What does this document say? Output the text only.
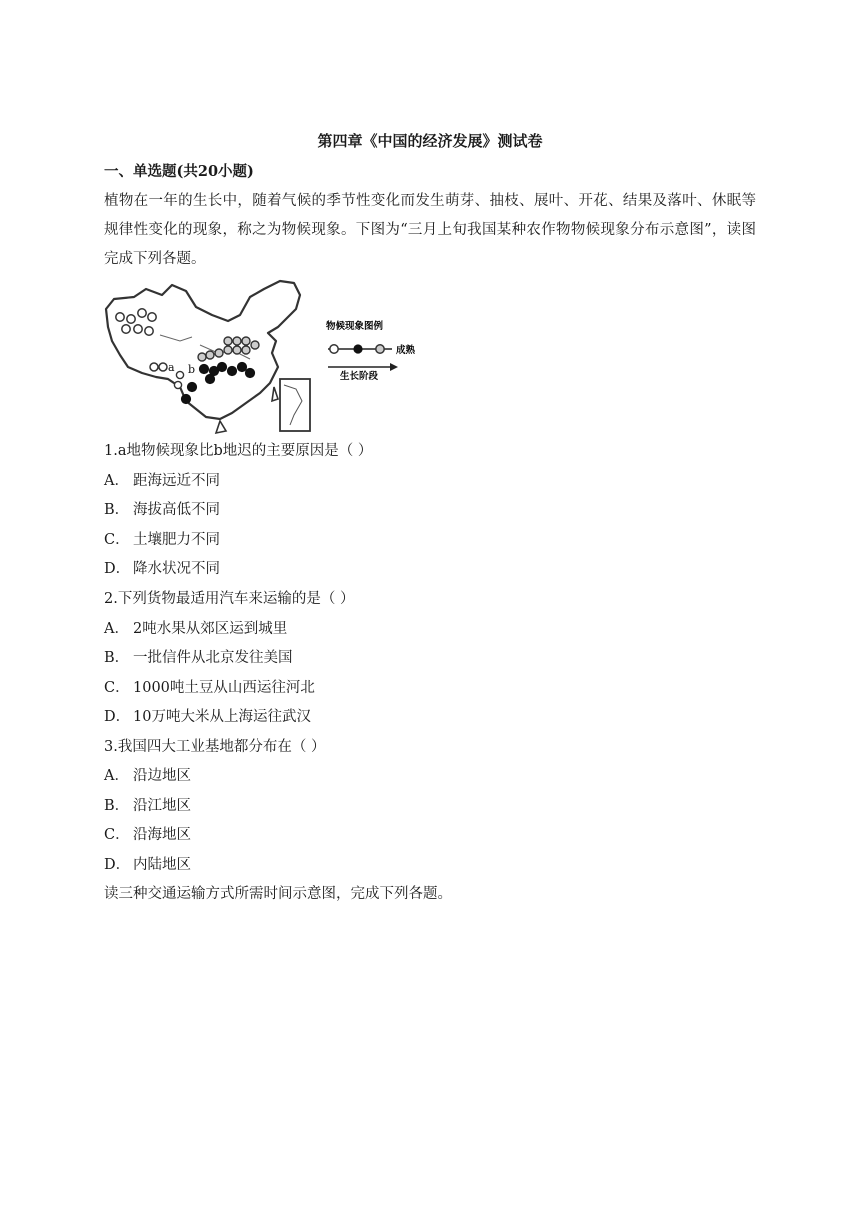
第四章《中国的经济发展》测试卷
一、单选题(共20小题)
植物在一年的生长中，随着气候的季节性变化而发生萌芽、抽枝、展叶、开花、结果及落叶、休眠等规律性变化的现象，称之为物候现象。下图为“三月上旬我国某种农作物物候现象分布示意图”，读图完成下列各题。
a b
物候现象图例
成熟
生长阶段
1.a地物候现象比b地迟的主要原因是（ ）
A． 距海远近不同
B． 海拔高低不同
C． 土壤肥力不同
D． 降水状况不同
2.下列货物最适用汽车来运输的是（ ）
A． 2吨水果从郊区运到城里
B． 一批信件从北京发往美国
C． 1000吨土豆从山西运往河北
D． 10万吨大米从上海运往武汉
3.我国四大工业基地都分布在（ ）
A． 沿边地区
B． 沿江地区
C． 沿海地区
D． 内陆地区
读三种交通运输方式所需时间示意图，完成下列各题。
